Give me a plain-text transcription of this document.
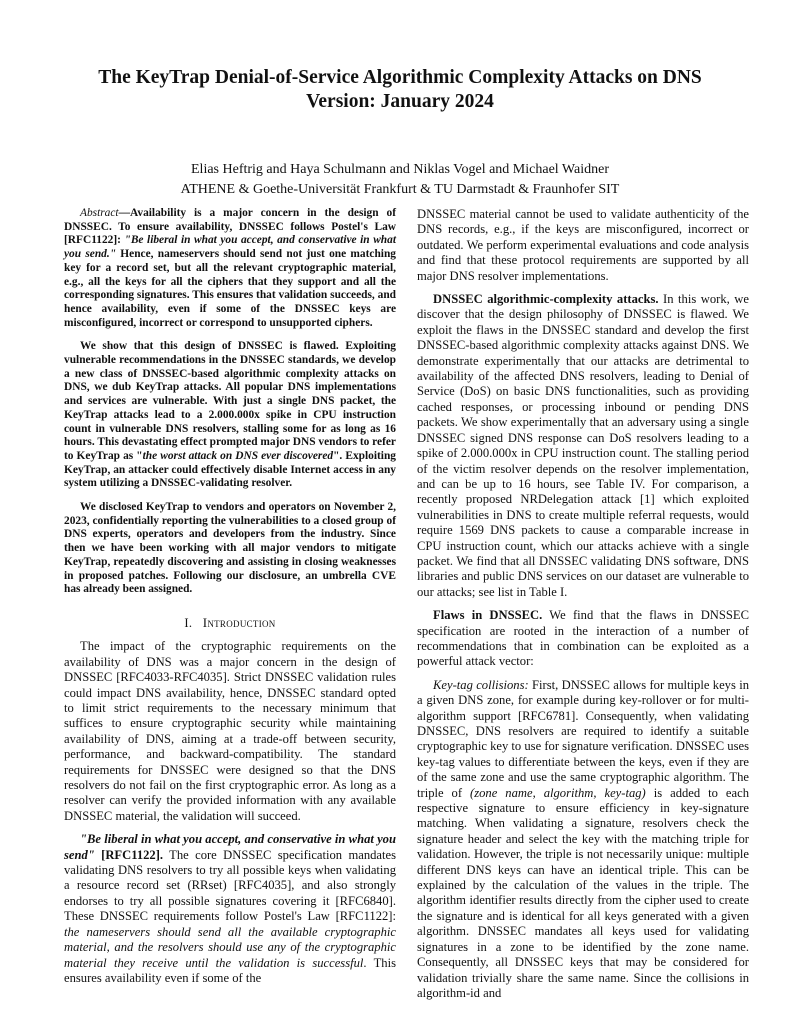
The KeyTrap Denial-of-Service Algorithmic Complexity Attacks on DNS
Version: January 2024
Elias Heftrig and Haya Schulmann and Niklas Vogel and Michael Waidner
ATHENE & Goethe-Universität Frankfurt & TU Darmstadt & Fraunhofer SIT

Abstract—Availability is a major concern in the design of DNSSEC. To ensure availability, DNSSEC follows Postel's Law [RFC1122]: "Be liberal in what you accept, and conservative in what you send." Hence, nameservers should send not just one matching key for a record set, but all the relevant cryptographic material, e.g., all the keys for all the ciphers that they support and all the corresponding signatures. This ensures that validation succeeds, and hence availability, even if some of the DNSSEC keys are misconfigured, incorrect or correspond to unsupported ciphers.

We show that this design of DNSSEC is flawed. Exploiting vulnerable recommendations in the DNSSEC standards, we develop a new class of DNSSEC-based algorithmic complexity attacks on DNS, we dub KeyTrap attacks. All popular DNS implementations and services are vulnerable. With just a single DNS packet, the KeyTrap attacks lead to a 2.000.000x spike in CPU instruction count in vulnerable DNS resolvers, stalling some for as long as 16 hours. This devastating effect prompted major DNS vendors to refer to KeyTrap as "the worst attack on DNS ever discovered". Exploiting KeyTrap, an attacker could effectively disable Internet access in any system utilizing a DNSSEC-validating resolver.

We disclosed KeyTrap to vendors and operators on November 2, 2023, confidentially reporting the vulnerabilities to a closed group of DNS experts, operators and developers from the industry. Since then we have been working with all major vendors to mitigate KeyTrap, repeatedly discovering and assisting in closing weaknesses in proposed patches. Following our disclosure, an umbrella CVE has already been assigned.

I. Introduction

The impact of the cryptographic requirements on the availability of DNS was a major concern in the design of DNSSEC [RFC4033-RFC4035]. Strict DNSSEC validation rules could impact DNS availability, hence, DNSSEC standard opted to limit strict requirements to the necessary minimum that suffices to ensure cryptographic security while maintaining availability of DNS, aiming at a trade-off between security, performance, and backward-compatibility. The standard requirements for DNSSEC were designed so that the DNS resolvers do not fail on the first cryptographic error. As long as a resolver can verify the provided information with any available DNSSEC material, the validation will succeed.

"Be liberal in what you accept, and conservative in what you send" [RFC1122]. The core DNSSEC specification mandates validating DNS resolvers to try all possible keys when validating a resource record set (RRset) [RFC4035], and also strongly endorses to try all possible signatures covering it [RFC6840]. These DNSSEC requirements follow Postel's Law [RFC1122]: the nameservers should send all the available cryptographic material, and the resolvers should use any of the cryptographic material they receive until the validation is successful. This ensures availability even if some of the

DNSSEC material cannot be used to validate authenticity of the DNS records, e.g., if the keys are misconfigured, incorrect or outdated. We perform experimental evaluations and code analysis and find that these protocol requirements are supported by all major DNS resolver implementations.

DNSSEC algorithmic-complexity attacks. In this work, we discover that the design philosophy of DNSSEC is flawed. We exploit the flaws in the DNSSEC standard and develop the first DNSSEC-based algorithmic complexity attacks against DNS. We demonstrate experimentally that our attacks are detrimental to availability of the affected DNS resolvers, leading to Denial of Service (DoS) on basic DNS functionalities, such as providing cached responses, or processing inbound or pending DNS packets. We show experimentally that an adversary using a single DNSSEC signed DNS response can DoS resolvers leading to a spike of 2.000.000x in CPU instruction count. The stalling period of the victim resolver depends on the resolver implementation, and can be up to 16 hours, see Table IV. For comparison, a recently proposed NRDelegation attack [1] which exploited vulnerabilities in DNS to create multiple referral requests, would require 1569 DNS packets to cause a comparable increase in CPU instruction count, which our attacks achieve with a single packet. We find that all DNSSEC validating DNS software, DNS libraries and public DNS services on our dataset are vulnerable to our attacks; see list in Table I.

Flaws in DNSSEC. We find that the flaws in DNSSEC specification are rooted in the interaction of a number of recommendations that in combination can be exploited as a powerful attack vector:

Key-tag collisions: First, DNSSEC allows for multiple keys in a given DNS zone, for example during key-rollover or for multi-algorithm support [RFC6781]. Consequently, when validating DNSSEC, DNS resolvers are required to identify a suitable cryptographic key to use for signature verification. DNSSEC uses key-tag values to differentiate between the keys, even if they are of the same zone and use the same cryptographic algorithm. The triple of (zone name, algorithm, key-tag) is added to each respective signature to ensure efficiency in key-signature matching. When validating a signature, resolvers check the signature header and select the key with the matching triple for validation. However, the triple is not necessarily unique: multiple different DNS keys can have an identical triple. This can be explained by the calculation of the values in the triple. The algorithm identifier results directly from the cipher used to create the signature and is identical for all keys generated with a given algorithm. DNSSEC mandates all keys used for validating signatures in a zone to be identified by the zone name. Consequently, all DNSSEC keys that may be considered for validation trivially share the same name. Since the collisions in algorithm-id and
